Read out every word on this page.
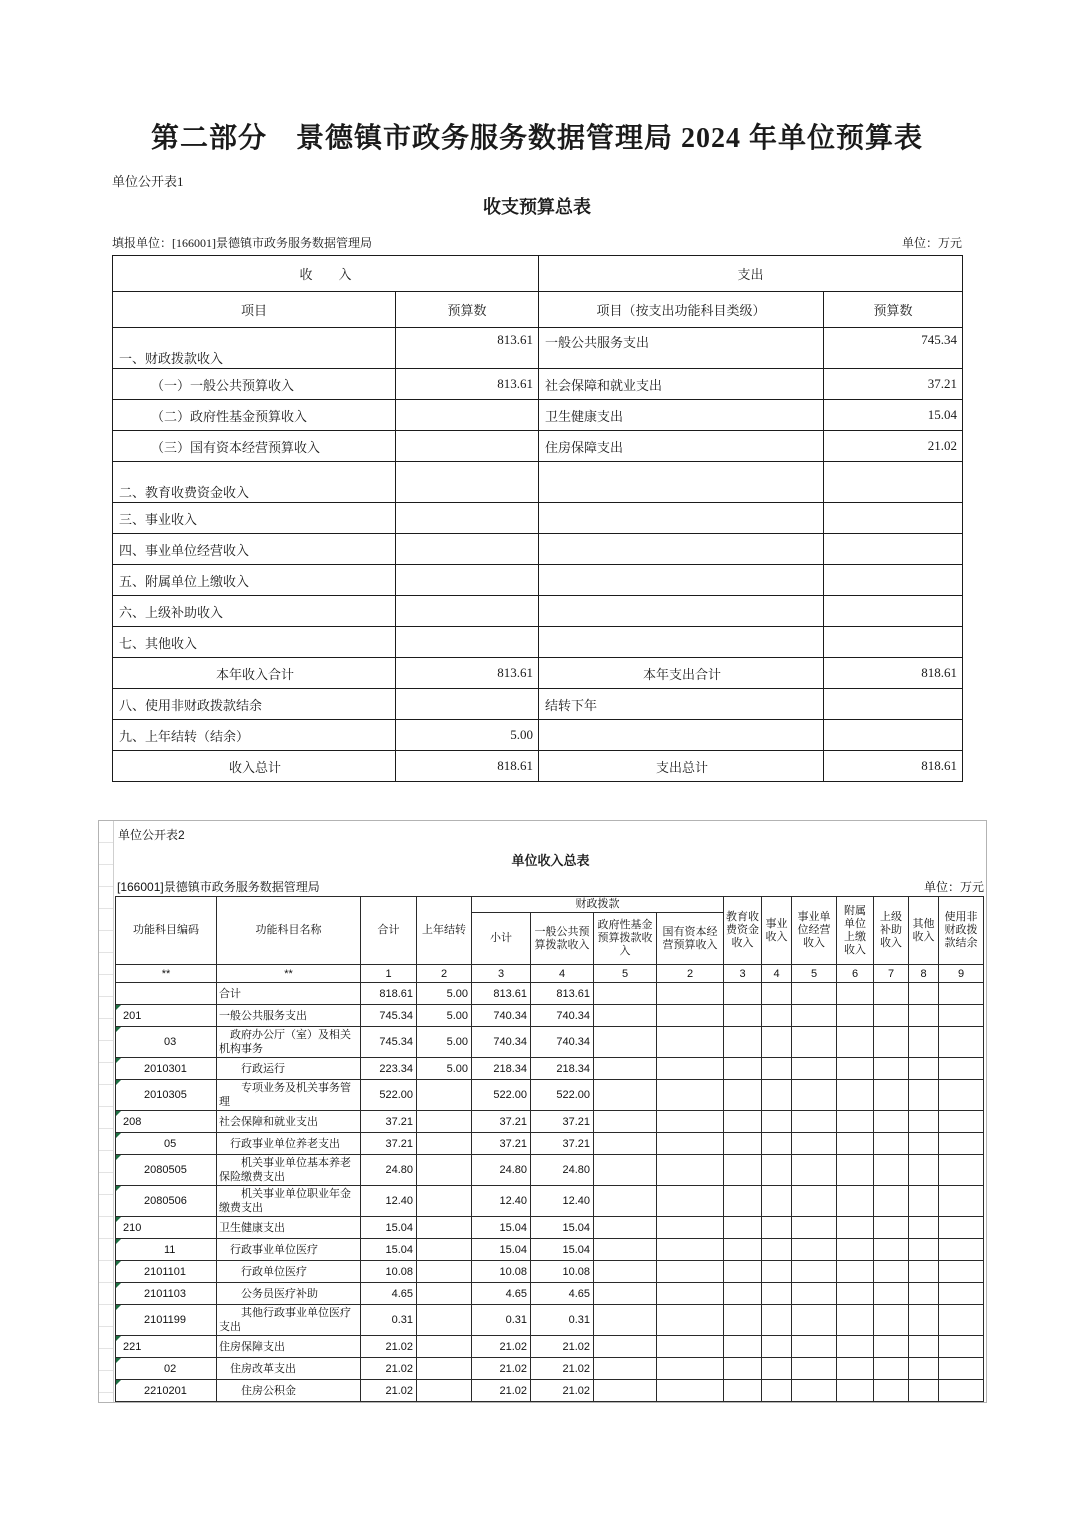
第二部分　景德镇市政务服务数据管理局 2024 年单位预算表
单位公开表1
收支预算总表
填报单位：[166001]景德镇市政务服务数据管理局	单位：万元
收　　入		支出	
项目	预算数	项目（按支出功能科目类级）	预算数
一、财政拨款收入	813.61	一般公共服务支出	745.34
（一）一般公共预算收入	813.61	社会保障和就业支出	37.21
（二）政府性基金预算收入		卫生健康支出	15.04
（三）国有资本经营预算收入		住房保障支出	21.02
二、教育收费资金收入			
三、事业收入			
四、事业单位经营收入			
五、附属单位上缴收入			
六、上级补助收入			
七、其他收入			
本年收入合计	813.61	本年支出合计	818.61
八、使用非财政拨款结余		结转下年	
九、上年结转（结余）	5.00		
收入总计	818.61	支出总计	818.61
单位公开表2
单位收入总表
[166001]景德镇市政务服务数据管理局	单位：万元
功能科目编码	功能科目名称	合计	上年结转	财政拨款				教育收费资金收入	事业收入	事业单位经营收入	附属单位上缴收入	上级补助收入	其他收入	使用非财政拨款结余
				小计	一般公共预算拨款收入	政府性基金预算拨款收入	国有资本经营预算收入							
**	**	1	2	3	4	5	2	3	4	5	6	7	8	9
	合计	818.61	5.00	813.61	813.61									
201	一般公共服务支出	745.34	5.00	740.34	740.34									
03	政府办公厅（室）及相关机构事务	745.34	5.00	740.34	740.34									
2010301	行政运行	223.34	5.00	218.34	218.34									
2010305	专项业务及机关事务管理	522.00		522.00	522.00									
208	社会保障和就业支出	37.21		37.21	37.21									
05	行政事业单位养老支出	37.21		37.21	37.21									
2080505	机关事业单位基本养老保险缴费支出	24.80		24.80	24.80									
2080506	机关事业单位职业年金缴费支出	12.40		12.40	12.40									
210	卫生健康支出	15.04		15.04	15.04									
11	行政事业单位医疗	15.04		15.04	15.04									
2101101	行政单位医疗	10.08		10.08	10.08									
2101103	公务员医疗补助	4.65		4.65	4.65									
2101199	其他行政事业单位医疗支出	0.31		0.31	0.31									
221	住房保障支出	21.02		21.02	21.02									
02	住房改革支出	21.02		21.02	21.02									
2210201	住房公积金	21.02		21.02	21.02									
